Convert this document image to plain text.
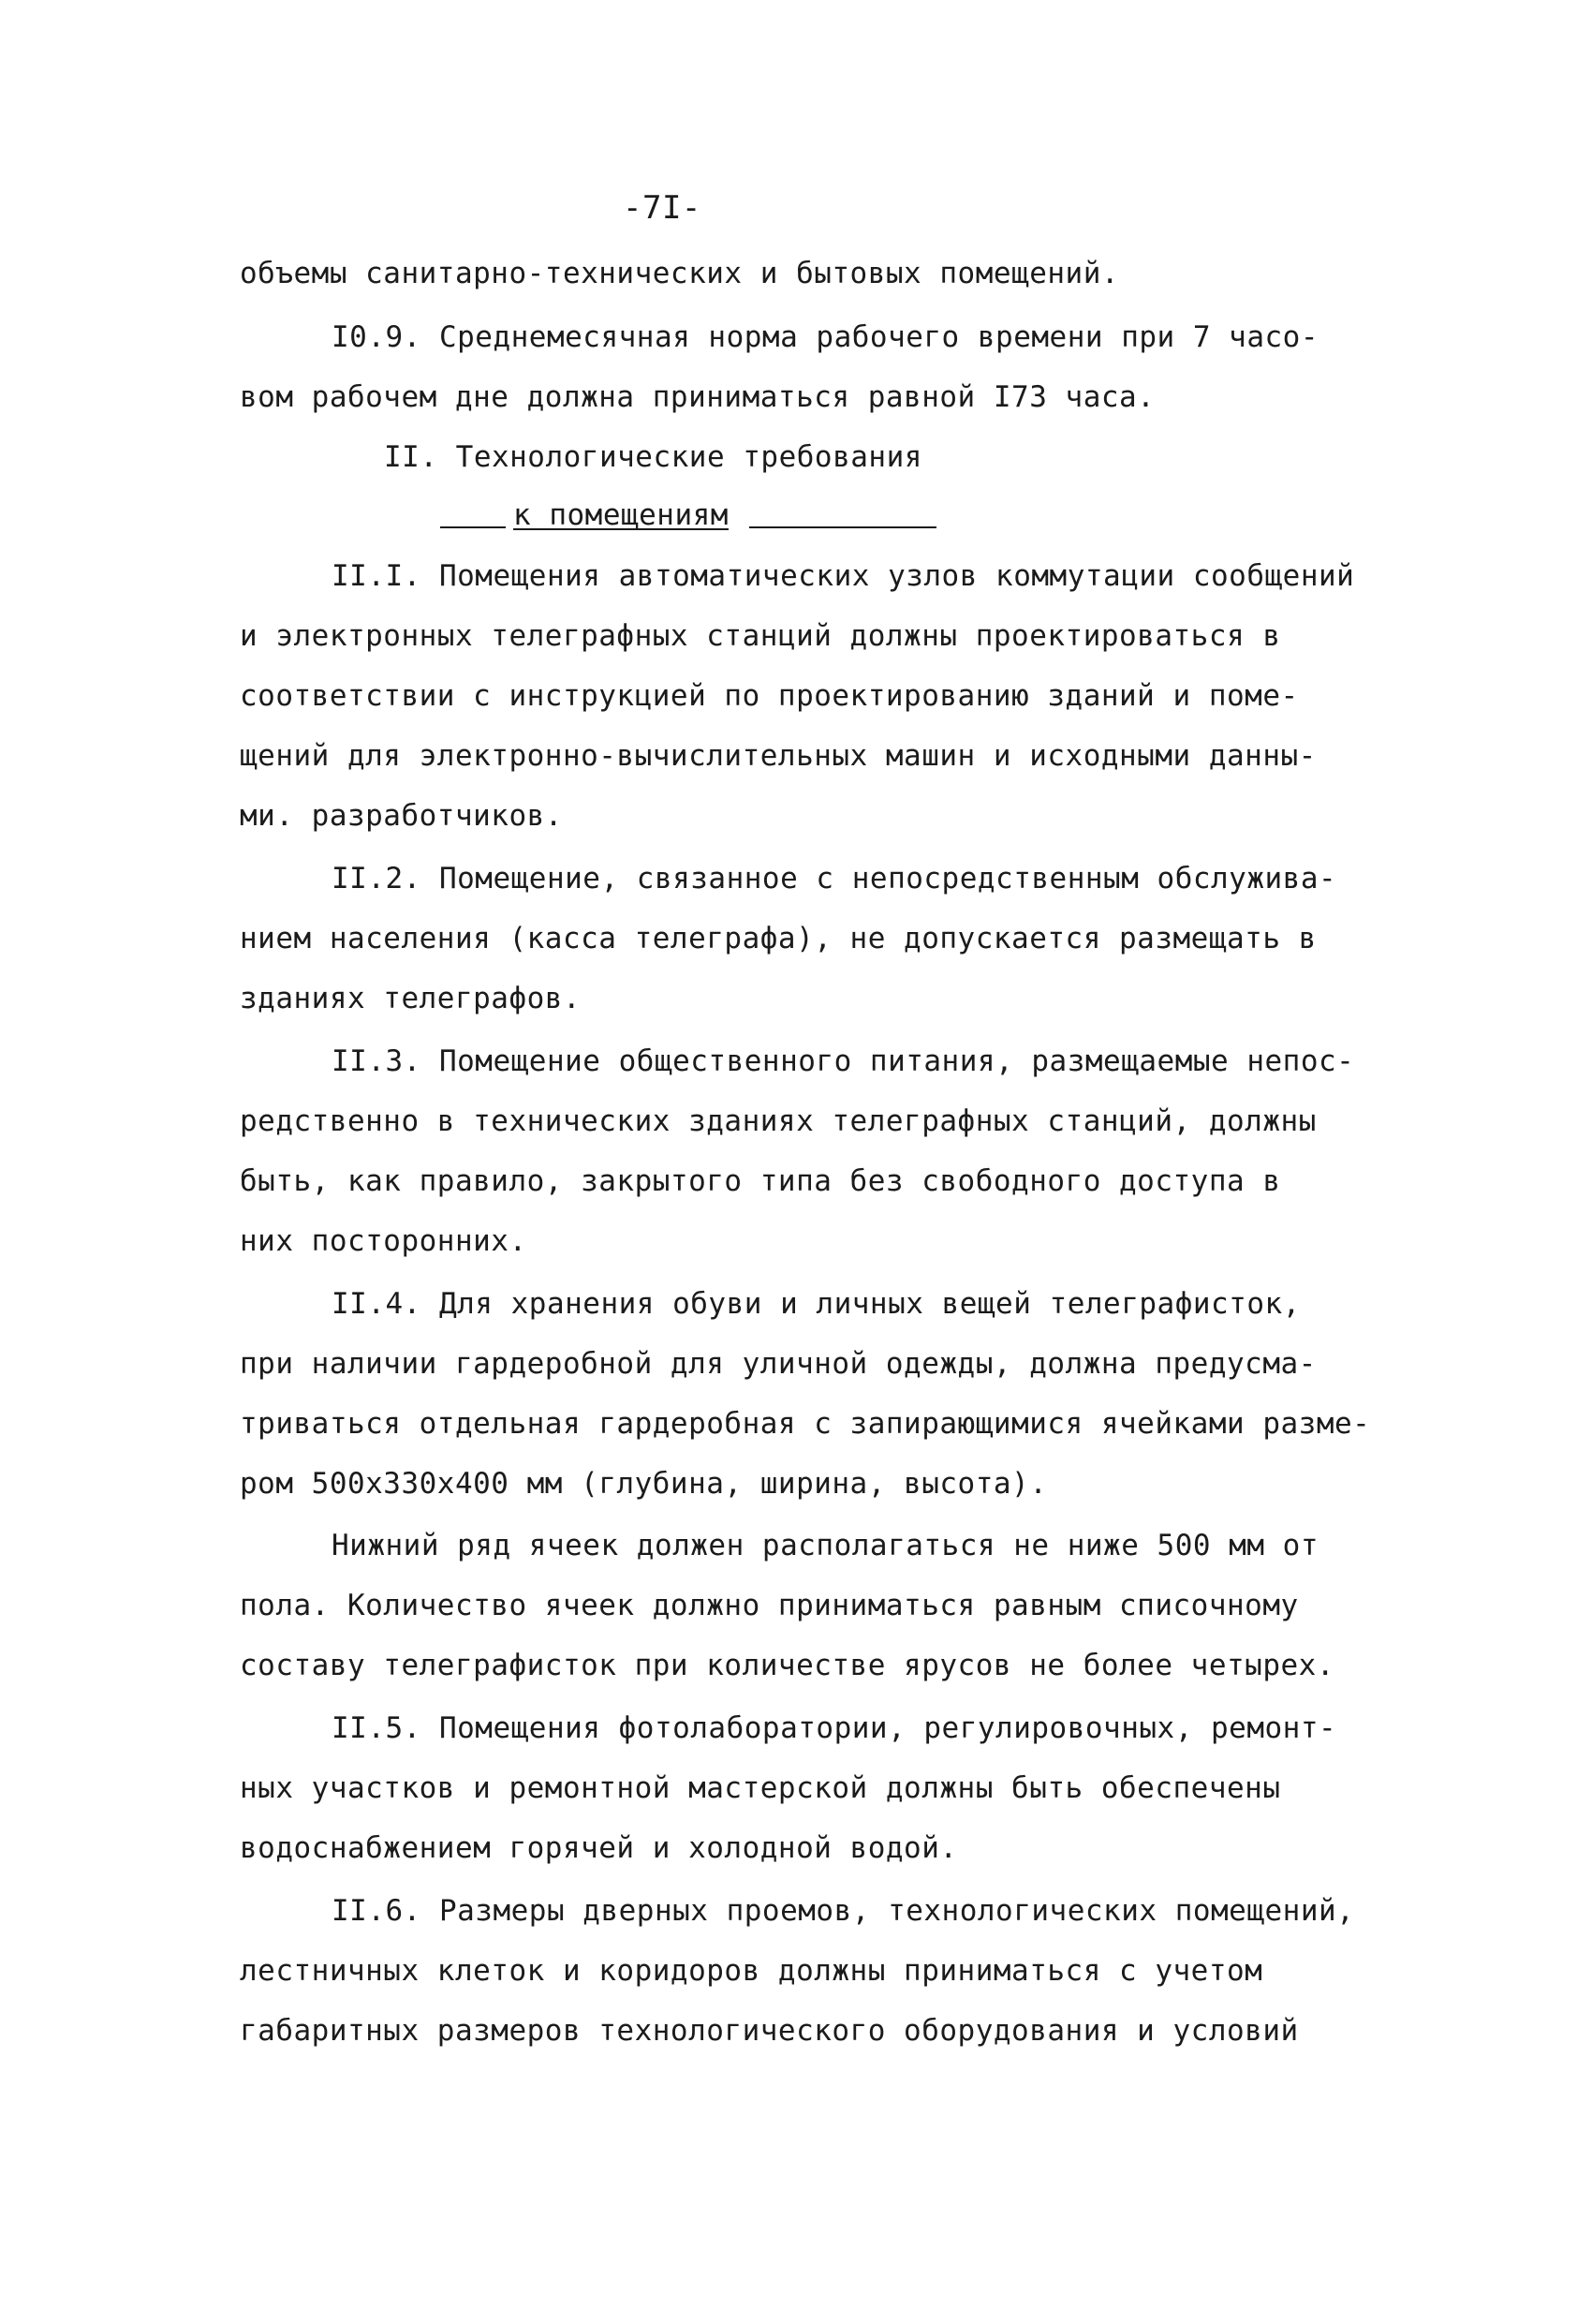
-7I-
объемы санитарно-технических и бытовых помещений.
I0.9. Среднемесячная норма рабочего времени при 7 часо-
вом рабочем дне должна приниматься равной I73 часа.
II. Технологические требования
к помещениям
II.I. Помещения автоматических узлов коммутации сообщений
и электронных телеграфных станций должны проектироваться в
соответствии с инструкцией по проектированию зданий и поме-
щений для электронно-вычислительных машин и исходными данны-
ми. разработчиков.
II.2. Помещение, связанное с непосредственным обслужива-
нием населения (касса телеграфа), не допускается размещать в
зданиях телеграфов.
II.3. Помещение общественного питания, размещаемые непос-
редственно в технических зданиях телеграфных станций, должны
быть, как правило, закрытого типа без свободного доступа в
них посторонних.
II.4. Для хранения обуви и личных вещей телеграфисток,
при наличии гардеробной для уличной одежды, должна предусма-
триваться отдельная гардеробная с запирающимися ячейками разме-
ром 500х330х400 мм (глубина, ширина, высота).
Нижний ряд ячеек должен располагаться не ниже 500 мм от
пола. Количество ячеек должно приниматься равным списочному
составу телеграфисток при количестве ярусов не более четырех.
II.5. Помещения фотолаборатории, регулировочных, ремонт-
ных участков и ремонтной мастерской должны быть обеспечены
водоснабжением горячей и холодной водой.
II.6. Размеры дверных проемов, технологических помещений,
лестничных клеток и коридоров должны приниматься с учетом
габаритных размеров технологического оборудования и условий
